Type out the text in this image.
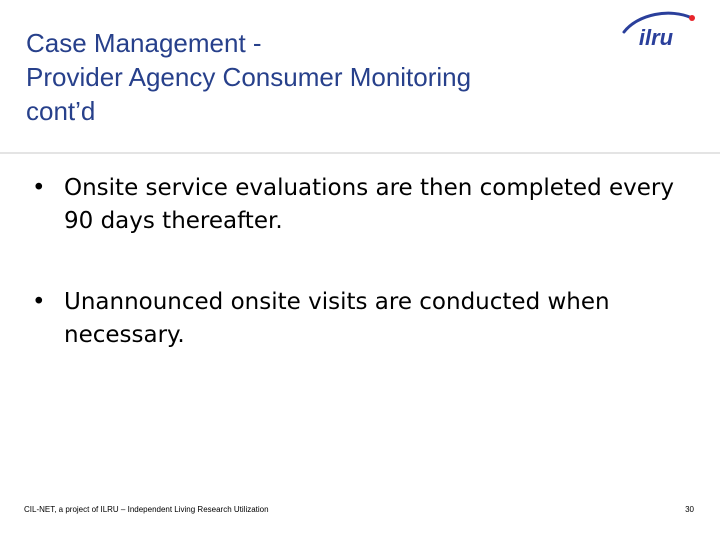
Case Management -
Provider Agency Consumer Monitoring
cont’d
ilru
• Onsite service evaluations are then completed every 90 days thereafter.
• Unannounced onsite visits are conducted when necessary.
CIL-NET, a project of ILRU – Independent Living Research Utilization	30
